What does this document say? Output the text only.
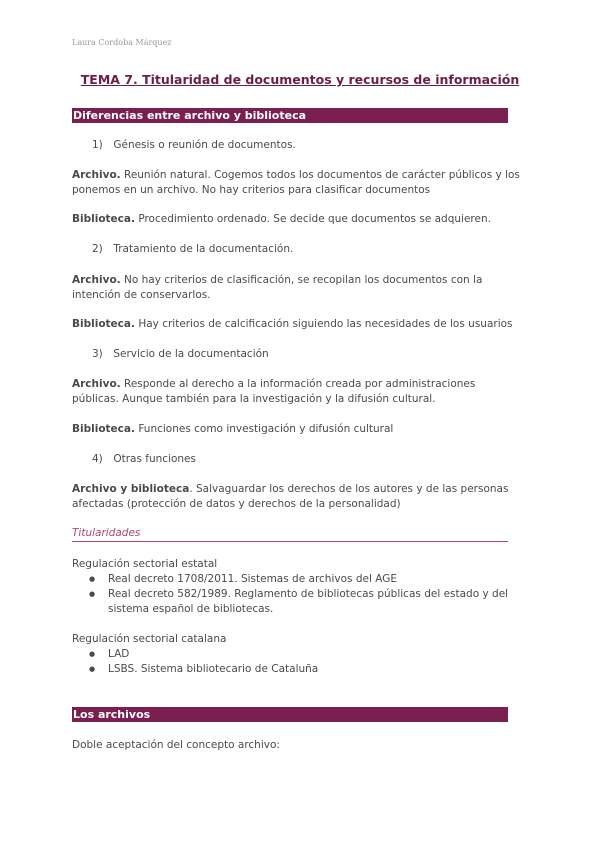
Laura Cordoba Márquez
TEMA 7. Titularidad de documentos y recursos de información
Diferencias entre archivo y biblioteca
1) Génesis o reunión de documentos.
Archivo. Reunión natural. Cogemos todos los documentos de carácter públicos y los ponemos en un archivo. No hay criterios para clasificar documentos
Biblioteca. Procedimiento ordenado. Se decide que documentos se adquieren.
2) Tratamiento de la documentación.
Archivo. No hay criterios de clasificación, se recopilan los documentos con la intención de conservarlos.
Biblioteca. Hay criterios de calcificación siguiendo las necesidades de los usuarios
3) Servicio de la documentación
Archivo. Responde al derecho a la información creada por administraciones públicas. Aunque también para la investigación y la difusión cultural.
Biblioteca. Funciones como investigación y difusión cultural
4) Otras funciones
Archivo y biblioteca. Salvaguardar los derechos de los autores y de las personas afectadas (protección de datos y derechos de la personalidad)
Titularidades
Regulación sectorial estatal
● Real decreto 1708/2011. Sistemas de archivos del AGE
● Real decreto 582/1989. Reglamento de bibliotecas públicas del estado y del sistema español de bibliotecas.
Regulación sectorial catalana
● LAD
● LSBS. Sistema bibliotecario de Cataluña
Los archivos
Doble aceptación del concepto archivo:
